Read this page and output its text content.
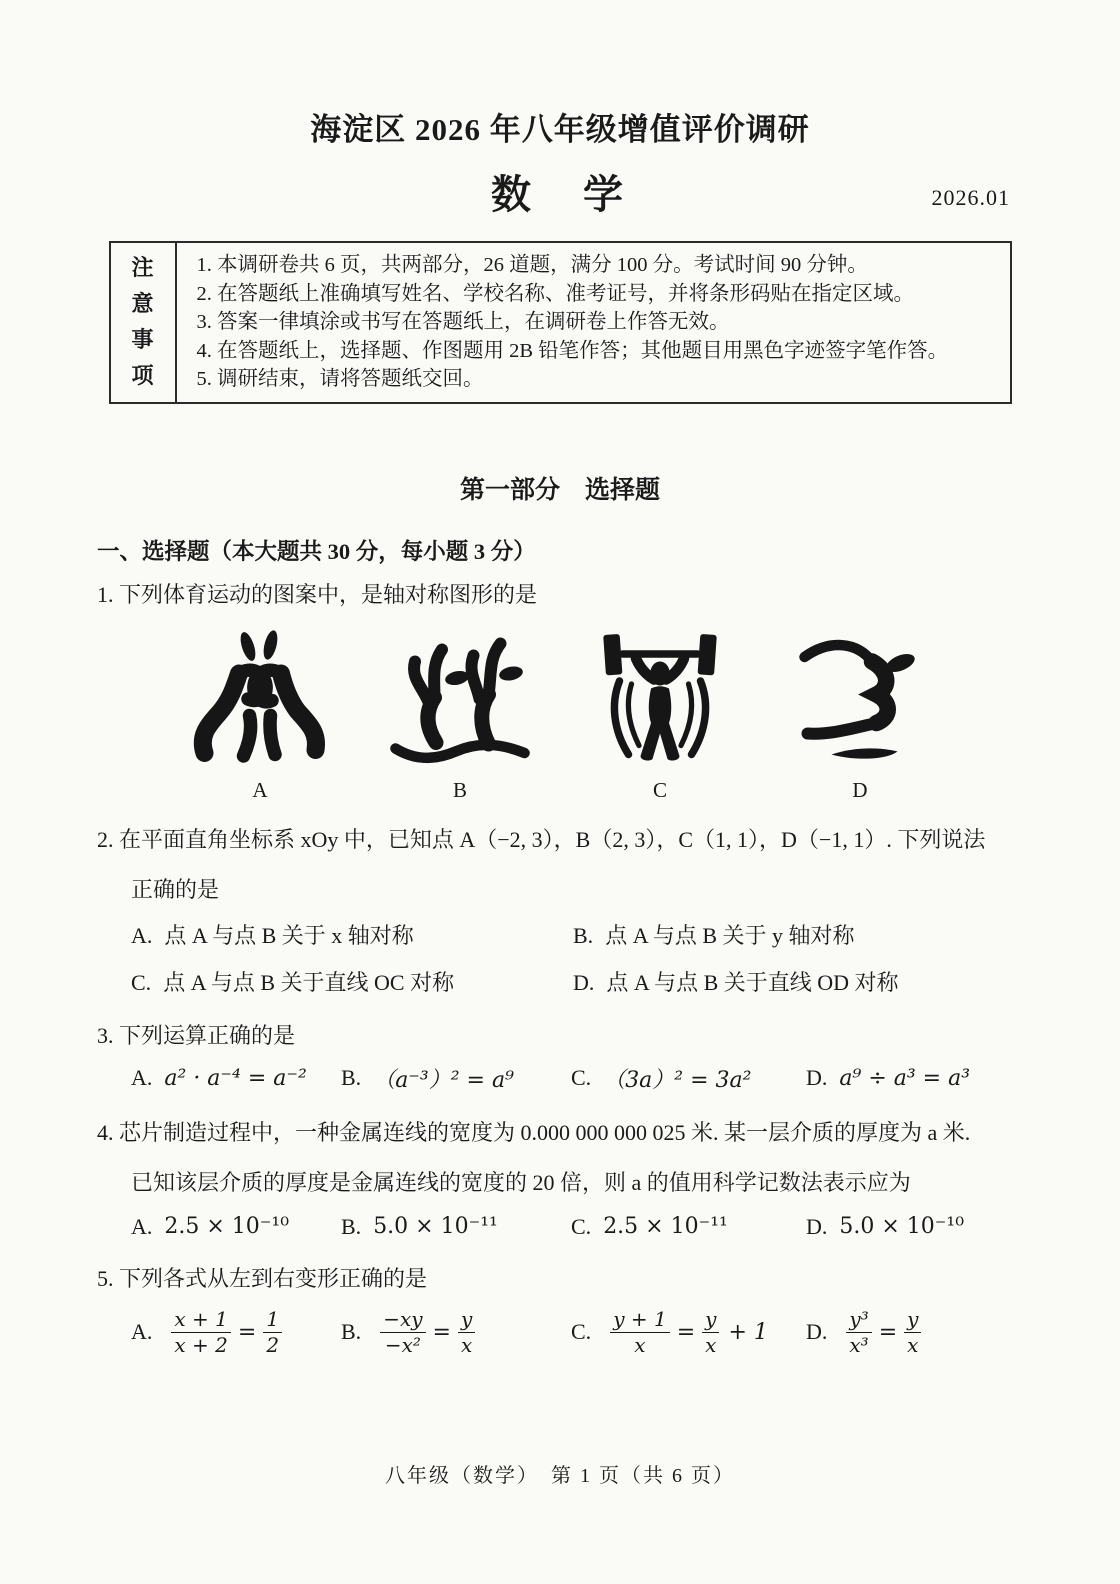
海淀区 2026 年八年级增值评价调研
数　学	2026.01
注意事项
1. 本调研卷共 6 页，共两部分，26 道题，满分 100 分。考试时间 90 分钟。
2. 在答题纸上准确填写姓名、学校名称、准考证号，并将条形码贴在指定区域。
3. 答案一律填涂或书写在答题纸上，在调研卷上作答无效。
4. 在答题纸上，选择题、作图题用 2B 铅笔作答；其他题目用黑色字迹签字笔作答。
5. 调研结束，请将答题纸交回。
第一部分　选择题
一、选择题（本大题共 30 分，每小题 3 分）
1. 下列体育运动的图案中，是轴对称图形的是
A	B	C	D
2. 在平面直角坐标系 xOy 中，已知点 A（−2, 3），B（2, 3），C（1, 1），D（−1, 1）. 下列说法
正确的是
A. 点 A 与点 B 关于 x 轴对称	B. 点 A 与点 B 关于 y 轴对称
C. 点 A 与点 B 关于直线 OC 对称	D. 点 A 与点 B 关于直线 OD 对称
3. 下列运算正确的是
A. a² · a⁻⁴ = a⁻² B. （a⁻³）² = a⁹	C. （3a）² = 3a² D. a⁹ ÷ a³ = a³
4. 芯片制造过程中，一种金属连线的宽度为 0.000 000 000 025 米. 某一层介质的厚度为 a 米.
已知该层介质的厚度是金属连线的宽度的 20 倍，则 a 的值用科学记数法表示应为
A. 2.5 × 10⁻¹⁰ B. 5.0 × 10⁻¹¹	C. 2.5 × 10⁻¹¹	D. 5.0 × 10⁻¹⁰
5. 下列各式从左到右变形正确的是
A. $\frac{x + 1}{x + 2} = \frac{1}{2}$	B. $\frac{-xy}{\text{−x²}} = \frac{y}{x}$	C. $\frac{y + 1}{x} = \frac{y}{x} + 1$ D. $\frac{\text{y³}}{\text{x³}} = \frac{y}{x}$
八年级（数学）　第 1 页（共 6 页）
